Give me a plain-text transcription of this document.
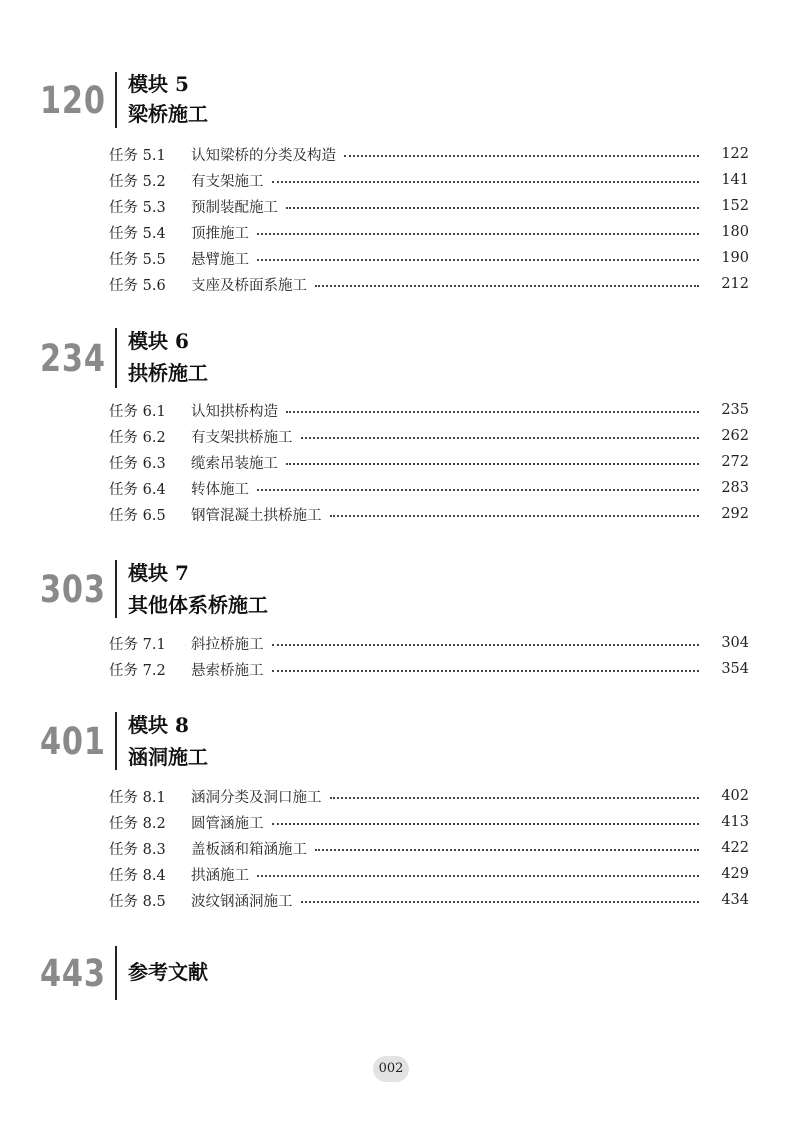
120 模块 5
梁桥施工
任务 5.1	认知梁桥的分类及构造	122
任务 5.2	有支架施工	141
任务 5.3	预制装配施工	152
任务 5.4	顶推施工	180
任务 5.5	悬臂施工	190
任务 5.6	支座及桥面系施工	212
234 模块 6
拱桥施工
任务 6.1	认知拱桥构造	235
任务 6.2	有支架拱桥施工	262
任务 6.3	缆索吊装施工	272
任务 6.4	转体施工	283
任务 6.5	钢管混凝土拱桥施工	292
303 模块 7
其他体系桥施工
任务 7.1	斜拉桥施工	304
任务 7.2	悬索桥施工	354
401 模块 8
涵洞施工
任务 8.1	涵洞分类及洞口施工	402
任务 8.2	圆管涵施工	413
任务 8.3	盖板涵和箱涵施工	422
任务 8.4	拱涵施工	429
任务 8.5	波纹钢涵洞施工	434
443 参考文献
002
